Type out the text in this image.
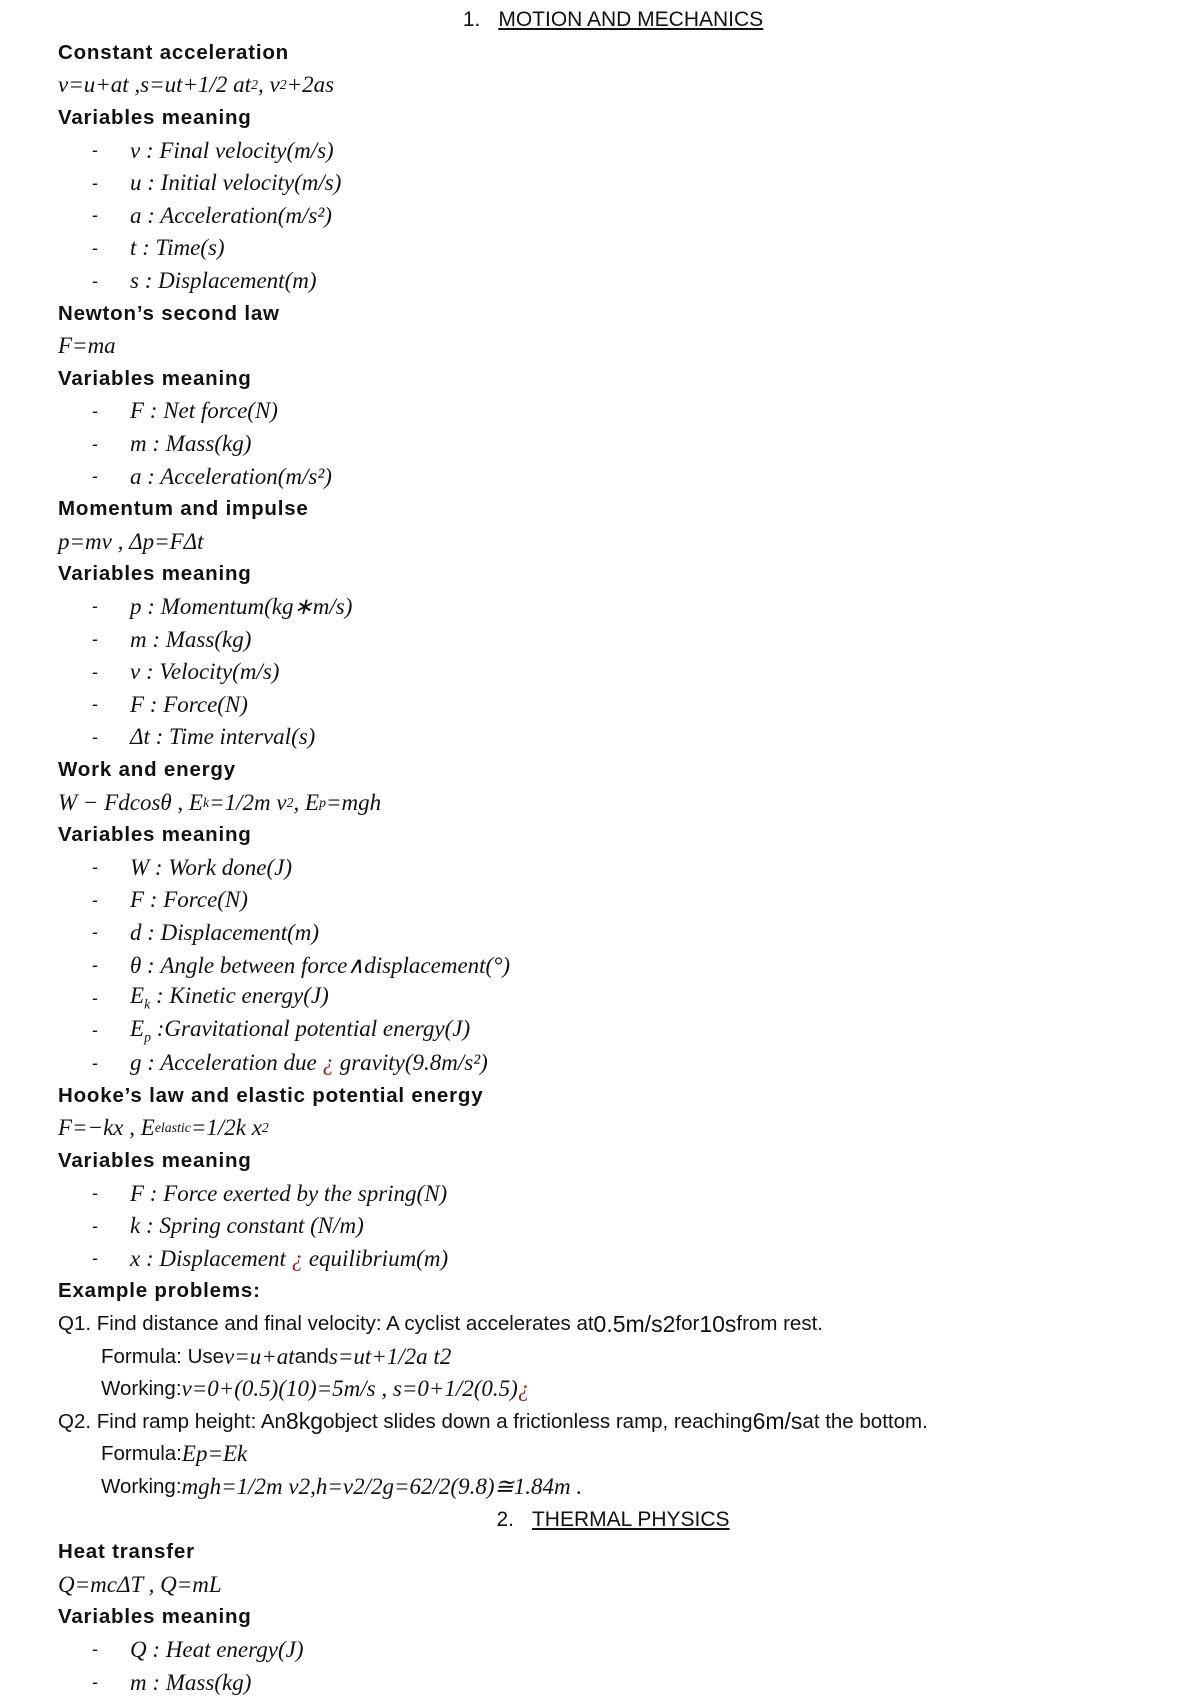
1. MOTION AND MECHANICS
Constant acceleration
v=u+at ,s=ut+1/2 at 2 , v 2 +2as
Variables meaning
-	v : Final velocity(m/s)
-	u : Initial velocity(m/s)
-	a : Acceleration(m/s²)
-	t : Time(s)
-	s : Displacement(m)
Newton’s second law
F=ma
Variables meaning
-	F : Net force(N)
-	m : Mass(kg)
-	a : Acceleration(m/s²)
Momentum and impulse
p=mv , Δp=FΔt
Variables meaning
-	p : Momentum(kg∗m/s)
-	m : Mass(kg)
-	v : Velocity(m/s)
-	F : Force(N)
-	Δt : Time interval(s)
Work and energy
W − Fdcosθ , E k =1/2m v 2 , E p =mgh
Variables meaning
-	W : Work done(J)
-	F : Force(N)
-	d : Displacement(m)
-	θ : Angle between force∧displacement(°)
-	$E_k$ : Kinetic energy(J)
-	$E_p$ :Gravitational potential energy(J)
-	g : Acceleration due ¿ gravity(9.8m/s²)
Hooke’s law and elastic potential energy
F=−kx , E elastic =1/2k x 2
Variables meaning
-	F : Force exerted by the spring(N)
-	k : Spring constant (N/m)
-	x : Displacement ¿ equilibrium(m)
Example problems:
Q1. Find distance and final velocity: A cyclist accelerates at 0.5m/s 2 for 10s from rest.
Formula: Use v=u+at and s=ut+1/2a t 2
Working: v=0+(0.5)(10)=5m/s , s=0+1/2(0.5) ¿
Q2. Find ramp height: An 8kg object slides down a frictionless ramp, reaching 6m/s at the bottom.
Formula: E p =E k
Working: mgh=1/2m v 2 ,h=v 2 /2g=6 2 /2(9.8)≅1.84m .
2. THERMAL PHYSICS
Heat transfer
Q=mcΔT , Q=mL
Variables meaning
-	Q : Heat energy(J)
-	m : Mass(kg)
